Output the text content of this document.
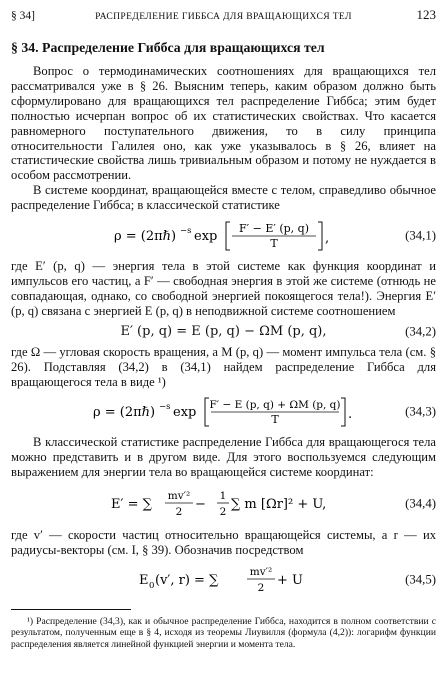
§ 34]	РАСПРЕДЕЛЕНИЕ ГИББСА ДЛЯ ВРАЩАЮЩИХСЯ ТЕЛ	123
§ 34. Распределение Гиббса для вращающихся тел

Вопрос о термодинамических соотношениях для вращающихся тел рассматривался уже в § 26. Выясним теперь, каким образом должно быть сформулировано для вращающихся тел распределение Гиббса; этим будет полностью исчерпан вопрос об их статистических свойствах. Что касается равномерного поступательного движения, то в силу принципа относительности Галилея оно, как уже указывалось в § 26, влияет на статистические свойства лишь тривиальным образом и потому не нуждается в особом рассмотрении.

В системе координат, вращающейся вместе с телом, справедливо обычное распределение Гиббса; в классической статистике

ρ = (2πℏ) −s exp
F′ − E′ (p, q)
T	,	(34,1)

где E′ (p, q) — энергия тела в этой системе как функция координат и импульсов его частиц, а F′ — свободная энергия в этой же системе (отнюдь не совпадающая, однако, со свободной энергией покоящегося тела!). Энергия E′ (p, q) связана с энергией E (p, q) в неподвижной системе соотношением

E′ (p, q) = E (p, q) − ΩM (p, q),	(34,2)

где Ω — угловая скорость вращения, а M (p, q) — момент импульса тела (см. § 26). Подставляя (34,2) в (34,1) найдем распределение Гиббса для вращающегося тела в виде ¹)

ρ = (2πℏ) −s exp F′ − E (p, q) + ΩM (p, q)
T	.	(34,3)

В классической статистике распределение Гиббса для вращающегося тела можно представить и в другом виде. Для этого воспользуемся следующим выражением для энергии тела во вращающейся системе координат:

E′ = ∑
mv′²
2 −
1
2 ∑ m [Ωr]² + U,	(34,4)

где v′ — скорости частиц относительно вращающейся системы, а r — их радиусы-векторы (см. I, § 39). Обозначив посредством

E 0 (v′, r) = ∑
mv′²
2 + U	(34,5)

¹) Распределение (34,3), как и обычное распределение Гиббса, находится в полном соответствии с результатом, полученным еще в § 4, исходя из теоремы Лиувилля (формула (4,2)): логарифм функции распределения является линейной функцией энергии и момента тела.
